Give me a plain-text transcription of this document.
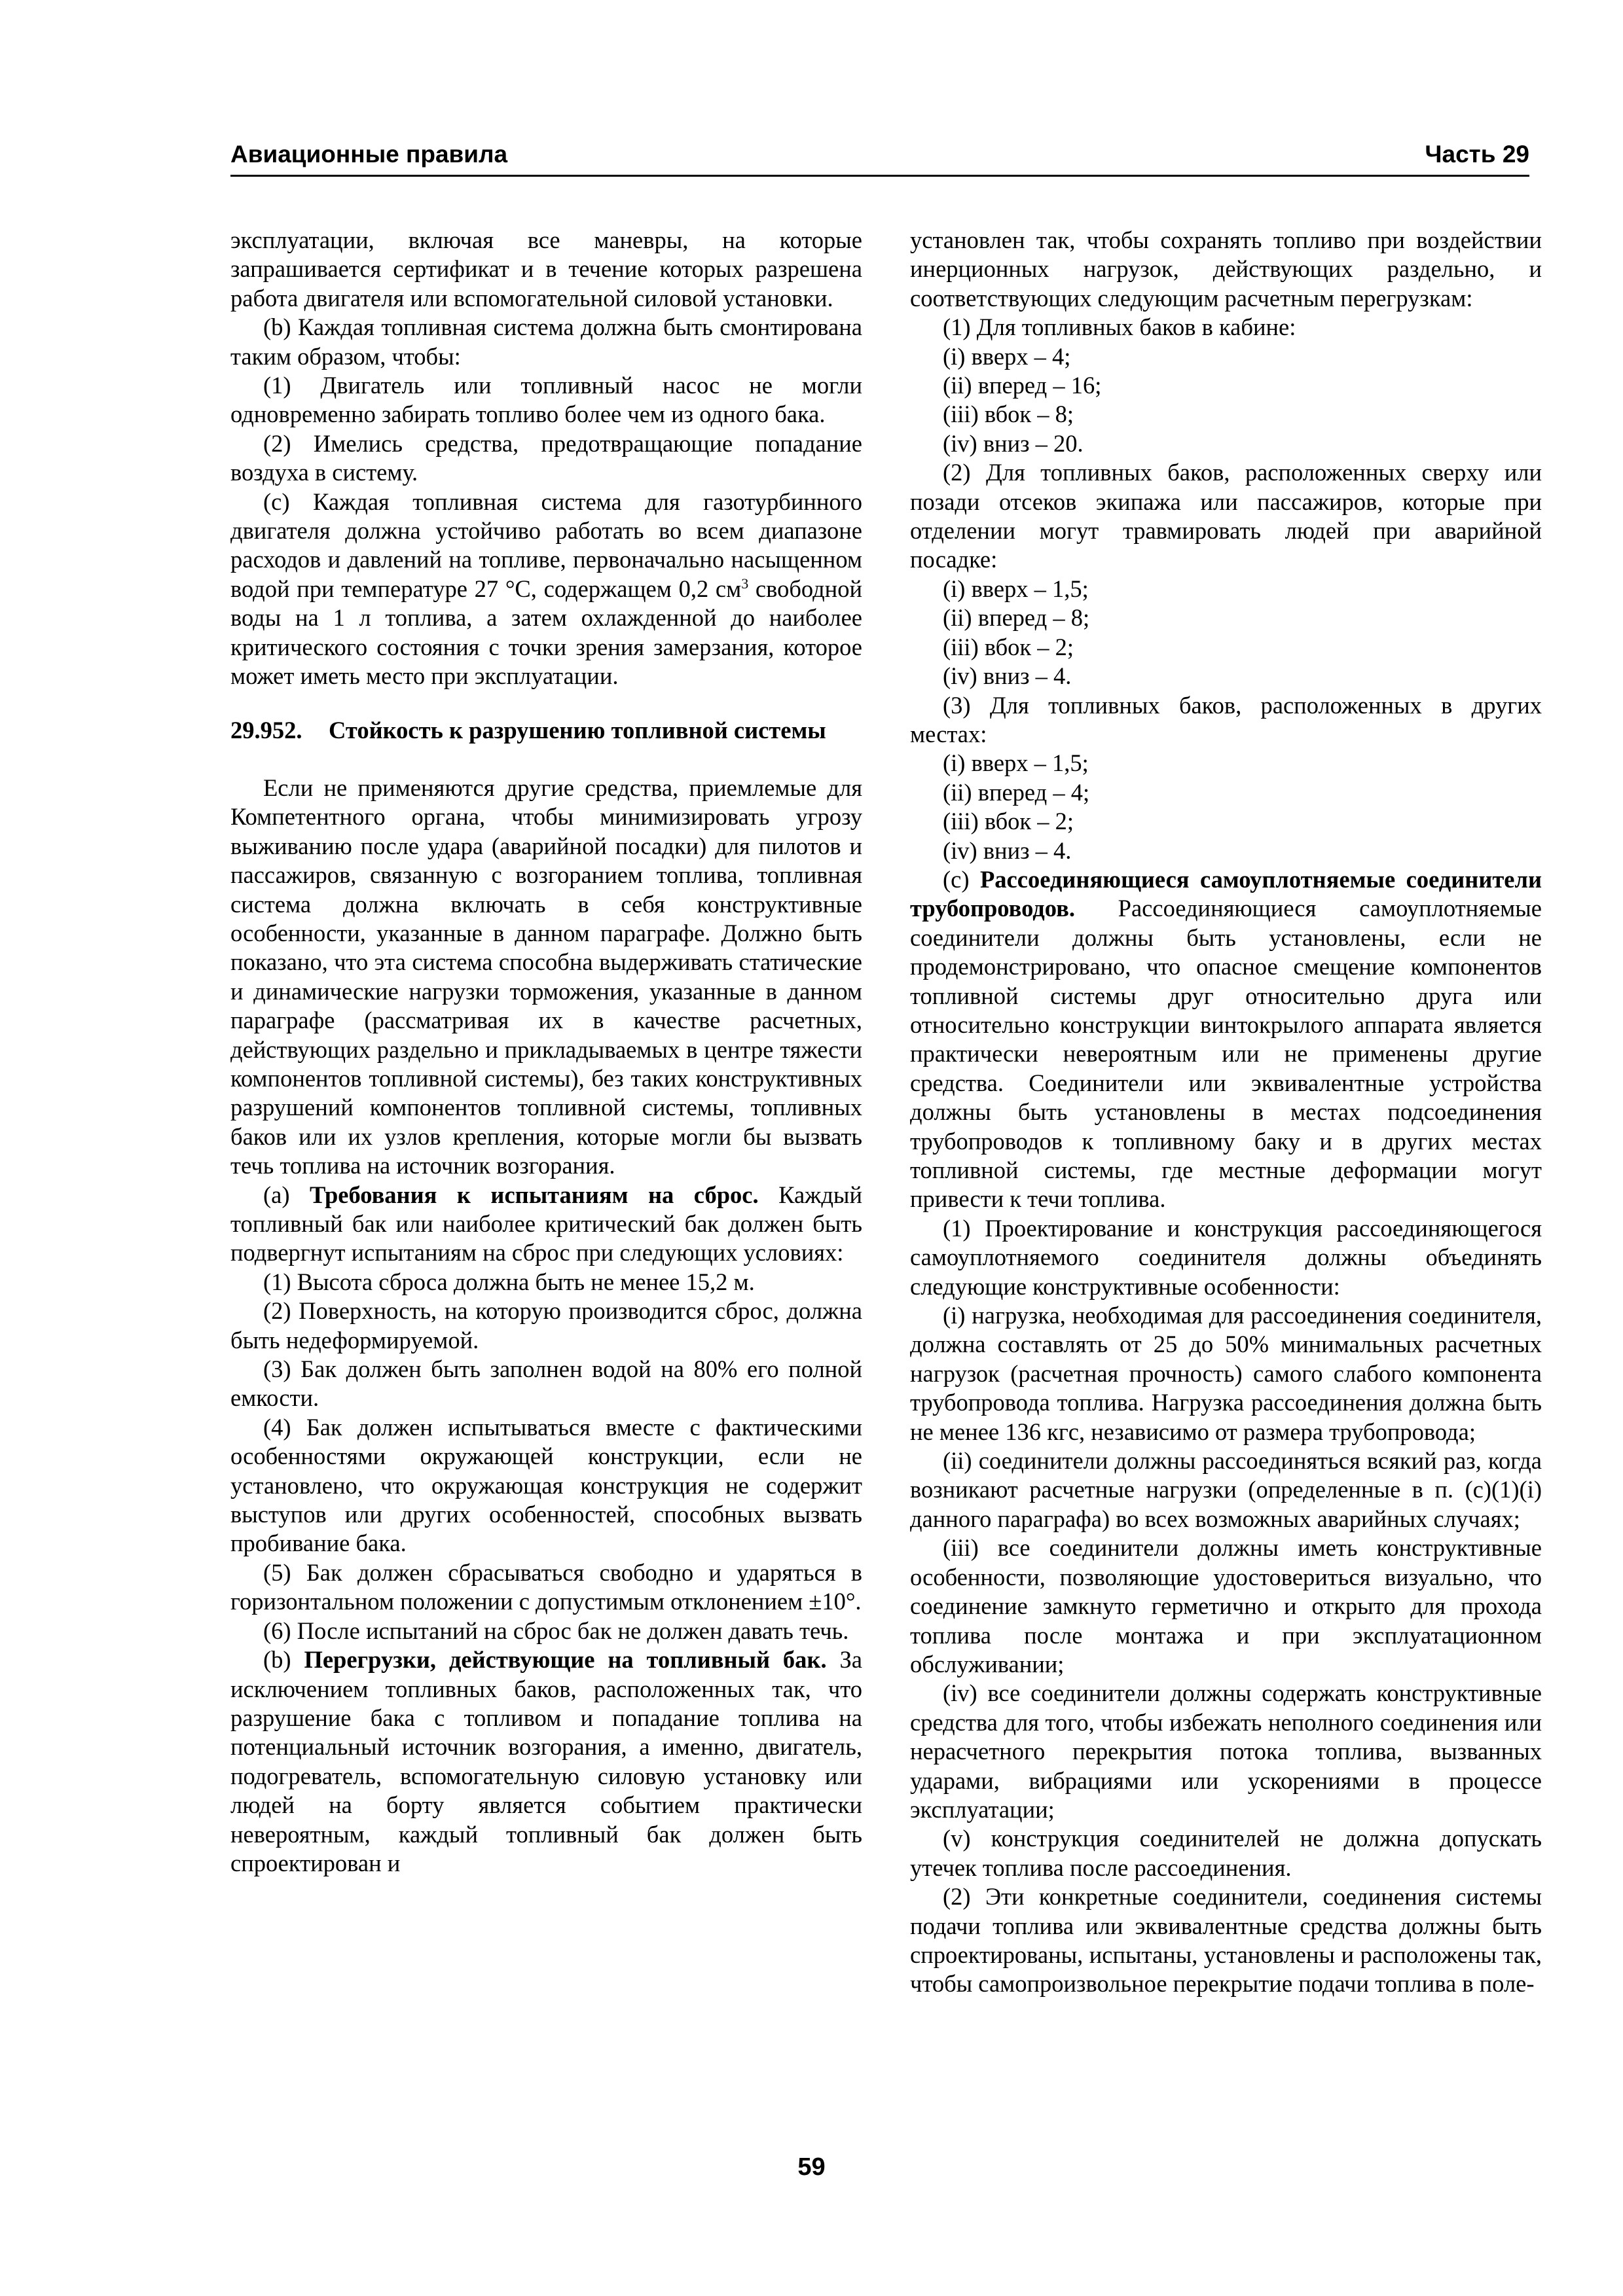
Авиационные правила	Часть 29

эксплуатации, включая все маневры, на которые запрашивается сертификат и в течение которых разрешена работа двигателя или вспомогательной силовой установки.

(b) Каждая топливная система должна быть смонтирована таким образом, чтобы:

(1) Двигатель или топливный насос не могли одновременно забирать топливо более чем из одного бака.

(2) Имелись средства, предотвращающие попадание воздуха в систему.

(c) Каждая топливная система для газотурбинного двигателя должна устойчиво работать во всем диапазоне расходов и давлений на топливе, первоначально насыщенном водой при температуре 27 °С, содержащем 0,2 $см^3$ свободной воды на 1 л топлива, а затем охлажденной до наиболее критического состояния с точки зрения замерзания, которое может иметь место при эксплуатации.

29.952. Стойкость к разрушению топливной системы

Если не применяются другие средства, приемлемые для Компетентного органа, чтобы минимизировать угрозу выживанию после удара (аварийной посадки) для пилотов и пассажиров, связанную с возгоранием топлива, топливная система должна включать в себя конструктивные особенности, указанные в данном параграфе. Должно быть показано, что эта система способна выдерживать статические и динамические нагрузки торможения, указанные в данном параграфе (рассматривая их в качестве расчетных, действующих раздельно и прикладываемых в центре тяжести компонентов топливной системы), без таких конструктивных разрушений компонентов топливной системы, топливных баков или их узлов крепления, которые могли бы вызвать течь топлива на источник возгорания.

(a) Требования к испытаниям на сброс. Каждый топливный бак или наиболее критический бак должен быть подвергнут испытаниям на сброс при следующих условиях:

(1) Высота сброса должна быть не менее 15,2 м.

(2) Поверхность, на которую производится сброс, должна быть недеформируемой.

(3) Бак должен быть заполнен водой на 80% его полной емкости.

(4) Бак должен испытываться вместе с фактическими особенностями окружающей конструкции, если не установлено, что окружающая конструкция не содержит выступов или других особенностей, способных вызвать пробивание бака.

(5) Бак должен сбрасываться свободно и ударяться в горизонтальном положении с допустимым отклонением ±10°.

(6) После испытаний на сброс бак не должен давать течь.

(b) Перегрузки, действующие на топливный бак. За исключением топливных баков, расположенных так, что разрушение бака с топливом и попадание топлива на потенциальный источник возгорания, а именно, двигатель, подогреватель, вспомогательную силовую установку или людей на борту является событием практически невероятным, каждый топливный бак должен быть спроектирован и

установлен так, чтобы сохранять топливо при воздействии инерционных нагрузок, действующих раздельно, и соответствующих следующим расчетным перегрузкам:

(1) Для топливных баков в кабине:

(i) вверх – 4;

(ii) вперед – 16;

(iii) вбок – 8;

(iv) вниз – 20.

(2) Для топливных баков, расположенных сверху или позади отсеков экипажа или пассажиров, которые при отделении могут травмировать людей при аварийной посадке:

(i) вверх – 1,5;

(ii) вперед – 8;

(iii) вбок – 2;

(iv) вниз – 4.

(3) Для топливных баков, расположенных в других местах:

(i) вверх – 1,5;

(ii) вперед – 4;

(iii) вбок – 2;

(iv) вниз – 4.

(c) Рассоединяющиеся самоуплотняемые соединители трубопроводов. Рассоединяющиеся самоуплотняемые соединители должны быть установлены, если не продемонстрировано, что опасное смещение компонентов топливной системы друг относительно друга или относительно конструкции винтокрылого аппарата является практически невероятным или не применены другие средства. Соединители или эквивалентные устройства должны быть установлены в местах подсоединения трубопроводов к топливному баку и в других местах топливной системы, где местные деформации могут привести к течи топлива.

(1) Проектирование и конструкция рассоединяющегося самоуплотняемого соединителя должны объединять следующие конструктивные особенности:

(i) нагрузка, необходимая для рассоединения соединителя, должна составлять от 25 до 50% минимальных расчетных нагрузок (расчетная прочность) самого слабого компонента трубопровода топлива. Нагрузка рассоединения должна быть не менее 136 кгс, независимо от размера трубопровода;

(ii) соединители должны рассоединяться всякий раз, когда возникают расчетные нагрузки (определенные в п. (c)(1)(i) данного параграфа) во всех возможных аварийных случаях;

(iii) все соединители должны иметь конструктивные особенности, позволяющие удостовериться визуально, что соединение замкнуто герметично и открыто для прохода топлива после монтажа и при эксплуатационном обслуживании;

(iv) все соединители должны содержать конструктивные средства для того, чтобы избежать неполного соединения или нерасчетного перекрытия потока топлива, вызванных ударами, вибрациями или ускорениями в процессе эксплуатации;

(v) конструкция соединителей не должна допускать утечек топлива после рассоединения.

(2) Эти конкретные соединители, соединения системы подачи топлива или эквивалентные средства должны быть спроектированы, испытаны, установлены и расположены так, чтобы самопроизвольное перекрытие подачи топлива в поле-

59
